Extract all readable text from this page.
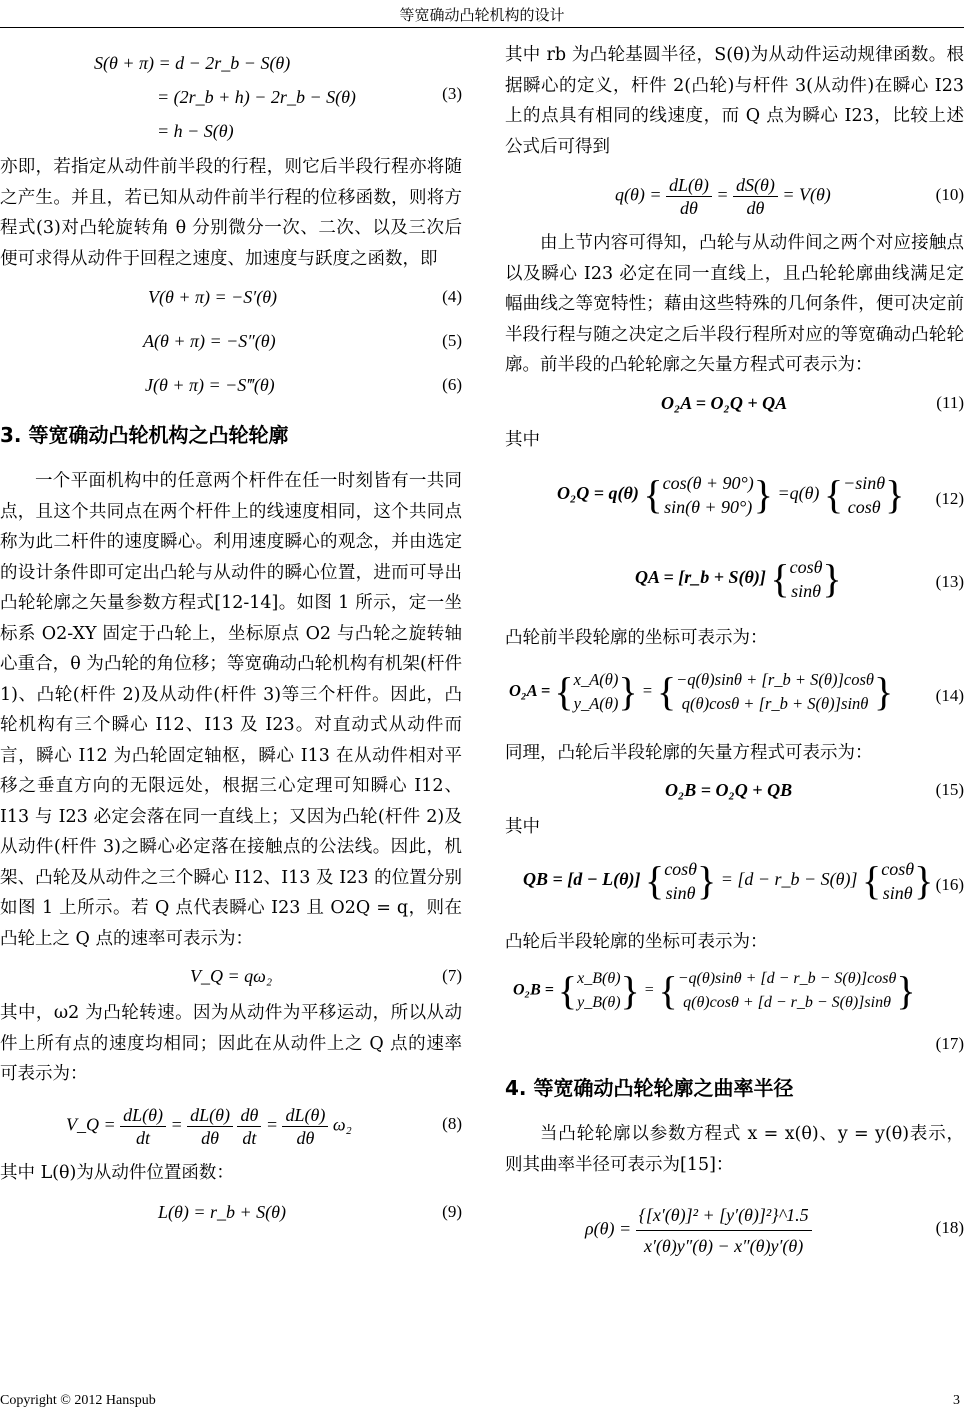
等宽确动凸轮机构的设计
S(θ + π) = d − 2r_b − S(θ)
= (2r_b + h) − 2r_b − S(θ)
= h − S(θ)
(3)

亦即，若指定从动件前半段的行程，则它后半段行程亦将随之产生。并且，若已知从动件前半行程的位移函数，则将方程式(3)对凸轮旋转角 θ 分别微分一次、二次、以及三次后便可求得从动件于回程之速度、加速度与跃度之函数，即

V(θ + π) = −S′(θ)	(4)
A(θ + π) = −S″(θ)	(5)
J(θ + π) = −S‴(θ)	(6)
3. 等宽确动凸轮机构之凸轮轮廓

一个平面机构中的任意两个杆件在任一时刻皆有一共同点，且这个共同点在两个杆件上的线速度相同，这个共同点称为此二杆件的速度瞬心。利用速度瞬心的观念，并由选定的设计条件即可定出凸轮与从动件的瞬心位置，进而可导出凸轮轮廓之矢量参数方程式[12-14]。如图 1 所示，定一坐标系 O2-XY 固定于凸轮上，坐标原点 O2 与凸轮之旋转轴心重合，θ 为凸轮的角位移；等宽确动凸轮机构有机架(杆件 1)、凸轮(杆件 2)及从动件(杆件 3)等三个杆件。因此，凸轮机构有三个瞬心 I12、I13 及 I23。对直动式从动件而言，瞬心 I12 为凸轮固定轴枢，瞬心 I13 在从动件相对平移之垂直方向的无限远处，根据三心定理可知瞬心 I12、I13 与 I23 必定会落在同一直线上；又因为凸轮(杆件 2)及从动件(杆件 3)之瞬心必定落在接触点的公法线。因此，机架、凸轮及从动件之三个瞬心 I12、I13 及 I23 的位置分别如图 1 上所示。若 Q 点代表瞬心 I23 且 O2Q = q，则在凸轮上之 Q 点的速率可表示为：

V_Q = qω₂	(7)

其中，ω2 为凸轮转速。因为从动件为平移运动，所以从动件上所有点的速度均相同；因此在从动件上之 Q 点的速率可表示为：

V_Q = $\frac{dL(\theta)}{dt} = \frac{dL(\theta)}{d\theta}$
$\frac{d\theta}{dt} = \frac{dL(\theta)}{d\theta} \omega_2$	(8)

其中 L(θ)为从动件位置函数：

L(θ) = r_b + S(θ)	(9)

其中 rb 为凸轮基圆半径，S(θ)为从动件运动规律函数。根据瞬心的定义，杆件 2(凸轮)与杆件 3(从动件)在瞬心 I23 上的点具有相同的线速度，而 Q 点为瞬心 I23，比较上述公式后可得到

$q(\theta) = \frac{dL(\theta)}{d\theta} = \frac{dS(\theta)}{d\theta} = V(\theta)$	(10)

由上节内容可得知，凸轮与从动件间之两个对应接触点以及瞬心 I23 必定在同一直线上，且凸轮轮廓曲线满足定幅曲线之等宽特性；藉由这些特殊的几何条件，便可决定前半段行程与随之决定之后半段行程所对应的等宽确动凸轮轮廓。前半段的凸轮轮廓之矢量方程式可表示为：

O₂A = O₂Q + QA	(11)

其中

O₂Q = q(θ) { cos(θ + 90°)
sin(θ + 90°) } =q(θ) { −sinθ
cosθ } (12)
QA = [r_b + S(θ)] { cosθ
sinθ }	(13)

凸轮前半段轮廓的坐标可表示为：

O₂A = { x_A(θ)
y_A(θ) } = { −q(θ)sinθ + [r_b + S(θ)]cosθ
q(θ)cosθ + [r_b + S(θ)]sinθ } (14)

同理，凸轮后半段轮廓的矢量方程式可表示为：

O₂B = O₂Q + QB	(15)

其中

QB = [d − L(θ)] { cosθ
sinθ } = [d − r_b − S(θ)] { cosθ
sinθ } (16)

凸轮后半段轮廓的坐标可表示为：

O₂B = { x_B(θ)
y_B(θ) } = { −q(θ)sinθ + [d − r_b − S(θ)]cosθ
q(θ)cosθ + [d − r_b − S(θ)]sinθ }
(17)
4. 等宽确动凸轮轮廓之曲率半径

当凸轮轮廓以参数方程式 x = x(θ)、y = y(θ)表示，则其曲率半径可表示为[15]：

$\rho(\theta) = \frac{\text{\{[x′(θ)]² + [y′(θ)]²\}\textasciicircum{}1.5}}{x'(\theta)y''(\theta) - x''(\theta)y'(\theta)}$	(18)
Copyright © 2012 Hanspub	3
